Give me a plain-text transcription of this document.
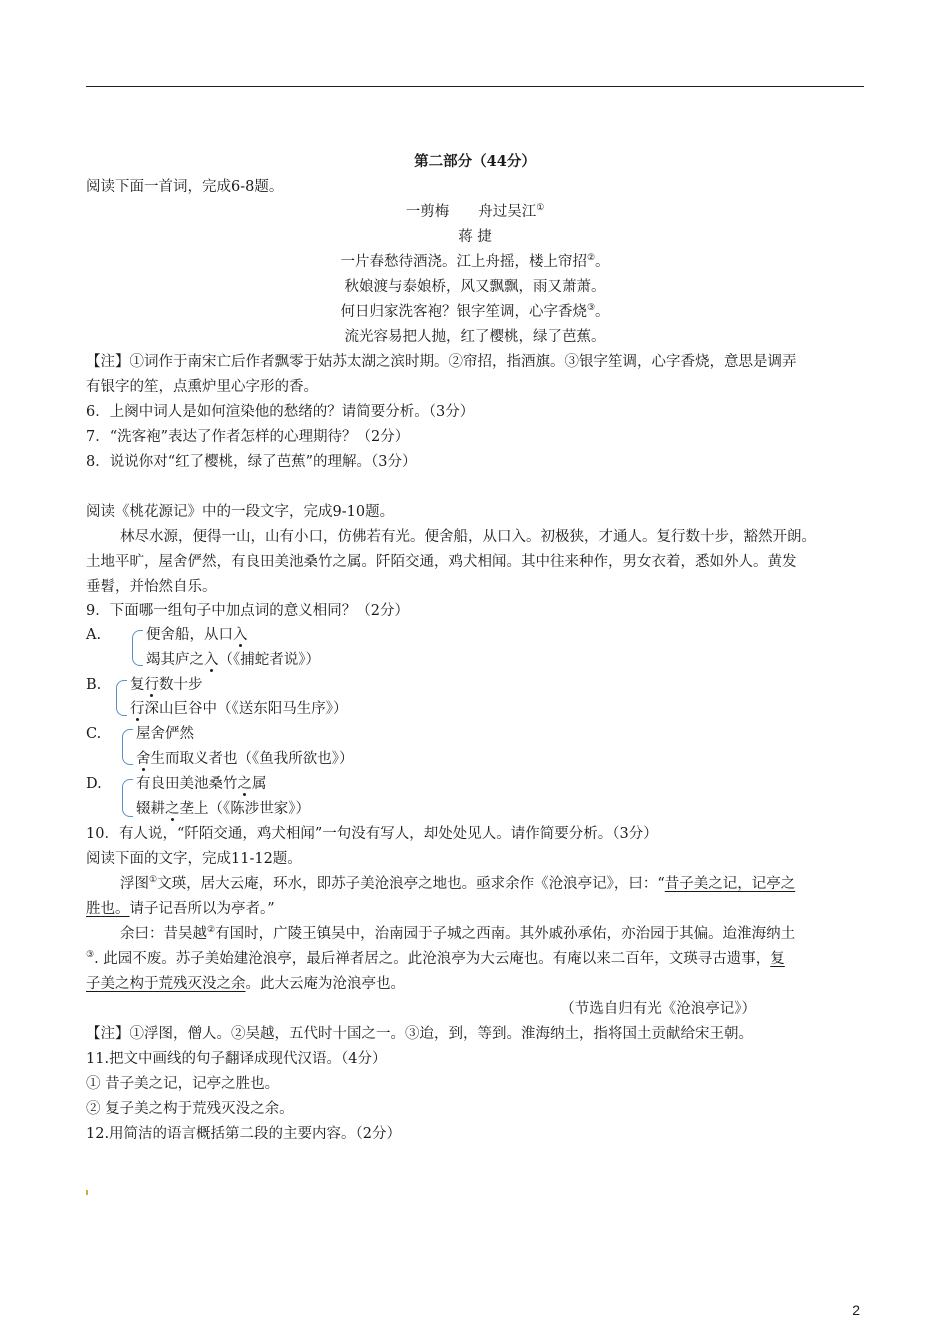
第二部分（44分）
阅读下面一首词，完成6-8题。
一剪梅　　舟过吴江①
蒋 捷
一片春愁待酒浇。江上舟摇，楼上帘招②。
秋娘渡与泰娘桥，风又飘飘，雨又萧萧。
何日归家洗客袍？银字笙调，心字香烧③。
流光容易把人抛，红了樱桃，绿了芭蕉。
【注】①词作于南宋亡后作者飘零于姑苏太湖之滨时期。②帘招，指酒旗。③银字笙调，心字香烧，意思是调弄
有银字的笙，点熏炉里心字形的香。
6．上阕中词人是如何渲染他的愁绪的？请简要分析。（3分）
7．“洗客袍”表达了作者怎样的心理期待？（2分）
8．说说你对“红了樱桃，绿了芭蕉”的理解。（3分）
阅读《桃花源记》中的一段文字，完成9-10题。
林尽水源，便得一山，山有小口，仿佛若有光。便舍船，从口入。初极狭，才通人。复行数十步，豁然开朗。
土地平旷，屋舍俨然，有良田美池桑竹之属。阡陌交通，鸡犬相闻。其中往来种作，男女衣着，悉如外人。黄发
垂髫，并怡然自乐。
9．下面哪一组句子中加点词的意义相同？（2分）
A.	便舍船，从口入
竭其庐之入（《捕蛇者说》）
B. 复行数十步
行深山巨谷中（《送东阳马生序》）
C. 屋舍俨然
舍生而取义者也（《鱼我所欲也》）
D. 有良田美池桑竹之属
辍耕之垄上（《陈涉世家》）
10．有人说，“阡陌交通，鸡犬相闻”一句没有写人，却处处见人。请作简要分析。（3分）
阅读下面的文字，完成11-12题。
浮图①文瑛，居大云庵，环水，即苏子美沧浪亭之地也。亟求余作《沧浪亭记》，曰：“昔子美之记，记亭之
胜也。请子记吾所以为亭者。”
余曰：昔吴越②有国时，广陵王镇吴中，治南园于子城之西南。其外戚孙承佑，亦治园于其偏。迨淮海纳土
③. 此园不废。苏子美始建沧浪亭，最后禅者居之。此沧浪亭为大云庵也。有庵以来二百年，文瑛寻古遗事，复
子美之构于荒残灭没之余。此大云庵为沧浪亭也。
（节选自归有光《沧浪亭记》）
【注】①浮图，僧人。②吴越，五代时十国之一。③迨，到，等到。淮海纳土，指将国土贡献给宋王朝。
11.把文中画线的句子翻译成现代汉语。（4分）
① 昔子美之记，记亭之胜也。
② 复子美之构于荒残灭没之余。
12.用简洁的语言概括第二段的主要内容。（2分）
2
